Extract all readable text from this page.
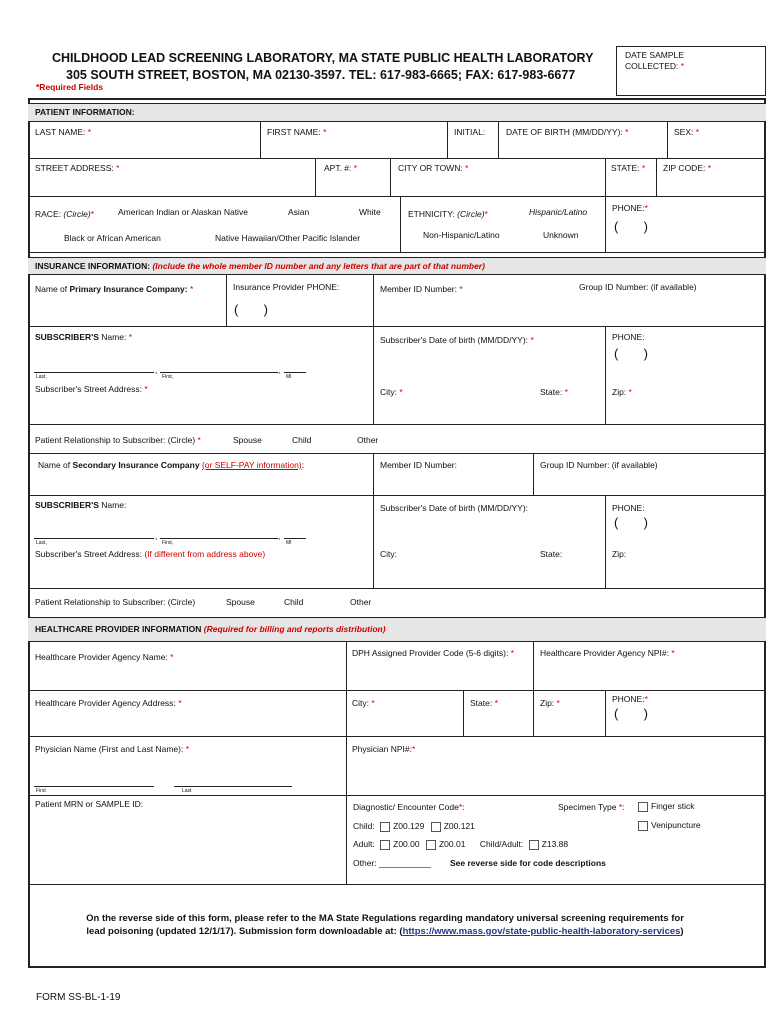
CHILDHOOD LEAD SCREENING LABORATORY, MA STATE PUBLIC HEALTH LABORATORY
305 SOUTH STREET, BOSTON, MA 02130-3597. TEL: 617-983-6665; FAX: 617-983-6677
DATE SAMPLE
COLLECTED: *
*Required Fields
PATIENT INFORMATION:
LAST NAME: *	FIRST NAME: *	INITIAL: DATE OF BIRTH (MM/DD/YY): *	SEX: *
STREET ADDRESS: *	APT. #: *	CITY OR TOWN: *	STATE: * ZIP CODE: *
RACE: (Circle)*	American Indian or Alaskan Native	Asian	White
Black or African American	Native Hawaiian/Other Pacific Islander
ETHNICITY: (Circle)*	Hispanic/Latino
Non-Hispanic/Latino	Unknown
PHONE:*
(       )
INSURANCE INFORMATION: (Include the whole member ID number and any letters that are part of that number)
Name of Primary Insurance Company: *	Insurance Provider PHONE:
(       )
Member ID Number: *	Group ID Number: (if available)
SUBSCRIBER'S Name: *	Subscriber's Date of birth (MM/DD/YY): *	PHONE:
(       )
,	,
Last,	First,	MI
Subscriber's Street Address: *	City: *	State: *	Zip: *
Patient Relationship to Subscriber: (Circle) *	Spouse	Child	Other
Name of Secondary Insurance Company (or SELF-PAY information):	Member ID Number:	Group ID Number: (if available)
SUBSCRIBER'S Name:	Subscriber's Date of birth (MM/DD/YY):	PHONE:
(       )
,	,
Last,	First,	MI
Subscriber's Street Address: (If different from address above)	City:	State:	Zip:
Patient Relationship to Subscriber: (Circle)	Spouse	Child	Other
HEALTHCARE PROVIDER INFORMATION (Required for billing and reports distribution)
Healthcare Provider Agency Name: *	DPH Assigned Provider Code (5-6 digits): *	Healthcare Provider Agency NPI#: *
Healthcare Provider Agency Address: *	City: *	State: *	Zip: *	PHONE:*
(       )
Physician Name (First and Last Name): *	Physician NPI#:*
First	Last
Patient MRN or SAMPLE ID:	Diagnostic/ Encounter Code*:	Specimen Type *:	Finger stick
Venipuncture
Child: Z00.129 Z00.121
Adult: Z00.00 Z00.01 Child/Adult: Z13.88
Other: ___________ See reverse side for code descriptions
On the reverse side of this form, please refer to the MA State Regulations regarding mandatory universal screening requirements for
lead poisoning (updated 12/1/17). Submission form downloadable at: (https://www.mass.gov/state-public-health-laboratory-services)
FORM SS-BL-1-19
